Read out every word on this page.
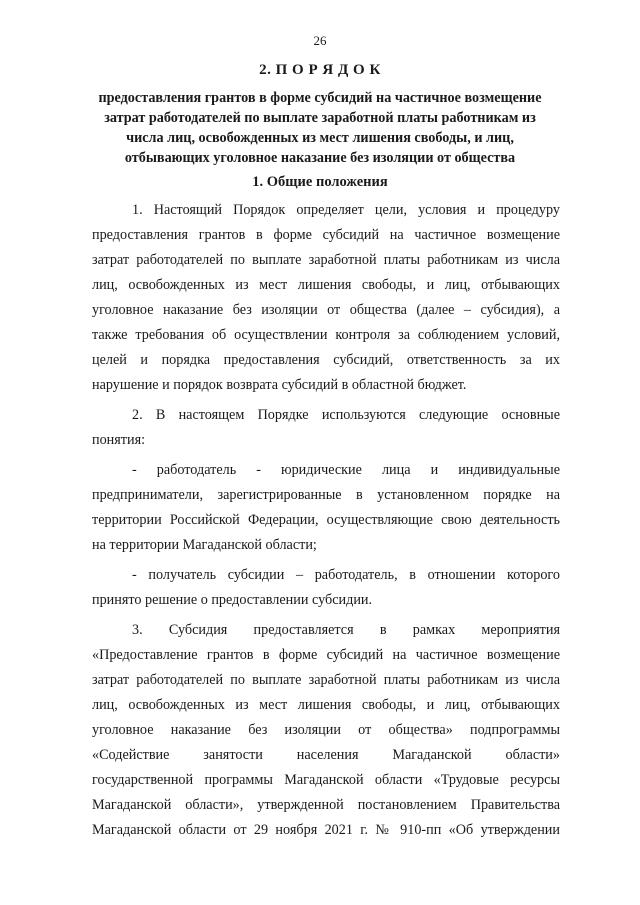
26
2. П О Р Я Д О К
предоставления грантов в форме субсидий на частичное возмещение
затрат работодателей по выплате заработной платы работникам из
числа лиц, освобожденных из мест лишения свободы, и лиц,
отбывающих уголовное наказание без изоляции от общества
1. Общие положения
1. Настоящий Порядок определяет цели, условия и процедуру
предоставления грантов в форме субсидий на частичное возмещение
затрат работодателей по выплате заработной платы работникам из числа
лиц, освобожденных из мест лишения свободы, и лиц, отбывающих
уголовное наказание без изоляции от общества (далее – субсидия), а
также требования об осуществлении контроля за соблюдением условий,
целей и порядка предоставления субсидий, ответственность за их
нарушение и порядок возврата субсидий в областной бюджет.
2. В настоящем Порядке используются следующие основные
понятия:
- работодатель - юридические лица и индивидуальные
предприниматели, зарегистрированные в установленном порядке на
территории Российской Федерации, осуществляющие свою деятельность
на территории Магаданской области;
- получатель субсидии – работодатель, в отношении которого
принято решение о предоставлении субсидии.
3. Субсидия предоставляется в рамках мероприятия
«Предоставление грантов в форме субсидий на частичное возмещение
затрат работодателей по выплате заработной платы работникам из числа
лиц, освобожденных из мест лишения свободы, и лиц, отбывающих
уголовное наказание без изоляции от общества» подпрограммы
«Содействие занятости населения Магаданской области»
государственной программы Магаданской области «Трудовые ресурсы
Магаданской области», утвержденной постановлением Правительства
Магаданской области от 29 ноября 2021 г. № 910-пп «Об утверждении
